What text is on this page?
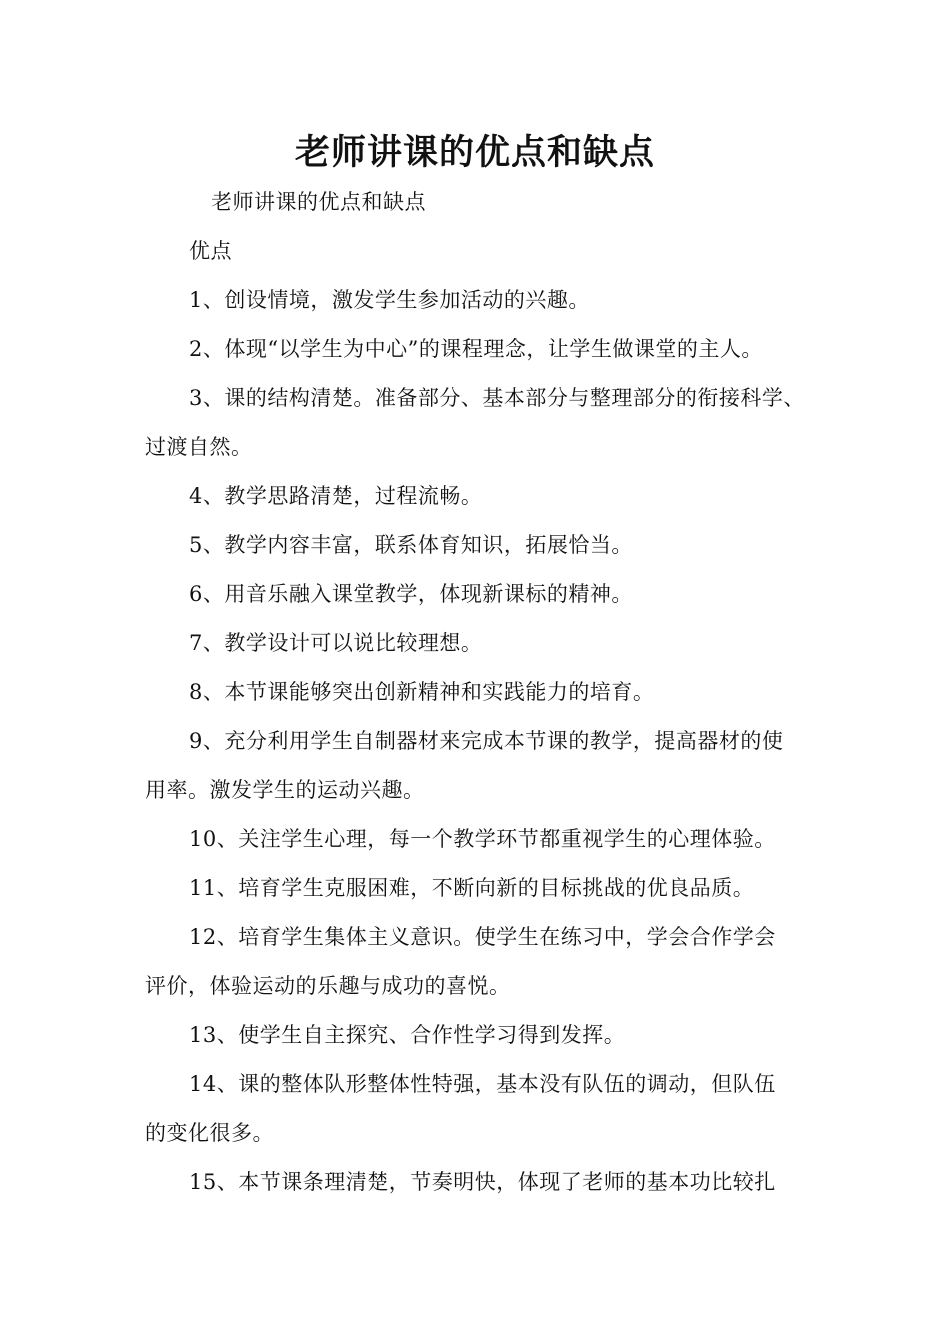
老师讲课的优点和缺点

老师讲课的优点和缺点

优点

1、创设情境，激发学生参加活动的兴趣。

2、体现“以学生为中心”的课程理念，让学生做课堂的主人。

3、课的结构清楚。准备部分、基本部分与整理部分的衔接科学、

过渡自然。

4、教学思路清楚，过程流畅。

5、教学内容丰富，联系体育知识，拓展恰当。

6、用音乐融入课堂教学，体现新课标的精神。

7、教学设计可以说比较理想。

8、本节课能够突出创新精神和实践能力的培育。

9、充分利用学生自制器材来完成本节课的教学，提高器材的使

用率。激发学生的运动兴趣。

10、关注学生心理，每一个教学环节都重视学生的心理体验。

11、培育学生克服困难，不断向新的目标挑战的优良品质。

12、培育学生集体主义意识。使学生在练习中，学会合作学会

评价，体验运动的乐趣与成功的喜悦。

13、使学生自主探究、合作性学习得到发挥。

14、课的整体队形整体性特强，基本没有队伍的调动，但队伍

的变化很多。

15、本节课条理清楚，节奏明快，体现了老师的基本功比较扎
